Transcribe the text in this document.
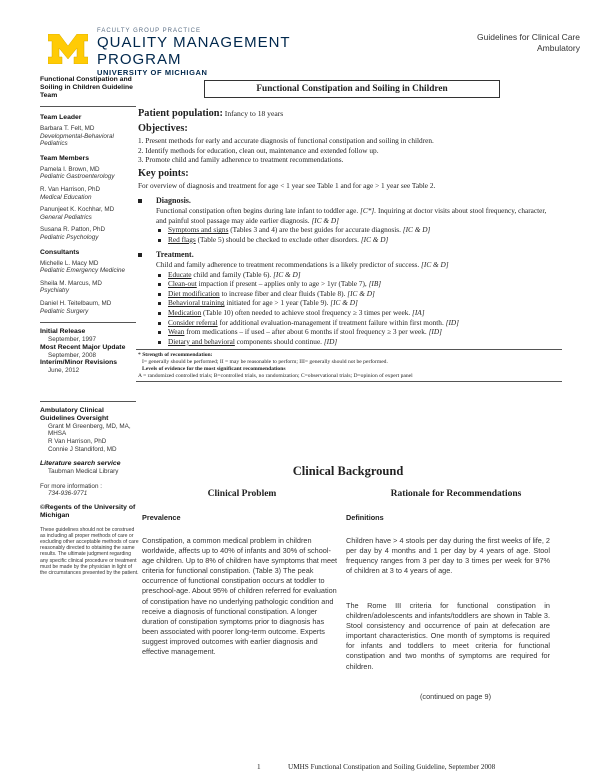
FACULTY GROUP PRACTICE
QUALITY MANAGEMENT PROGRAM
UNIVERSITY OF MICHIGAN
Guidelines for Clinical Care
Ambulatory
Functional Constipation and Soiling in Children Guideline Team
Team Leader
Barbara T. Felt, MD
Developmental-Behavioral Pediatrics
Team Members
Pamela I. Brown, MD
Pediatric Gastroenterology
R. Van Harrison, PhD
Medical Education
Panunjeet K. Kochhar, MD
General Pediatrics
Susana R. Patton, PhD
Pediatric Psychology
Consultants
Michelle L. Macy MD
Pediatric Emergency Medicine
Sheila M. Marcus, MD
Psychiatry
Daniel H. Teitelbaum, MD
Pediatric Surgery
Initial Release
September, 1997
Most Recent Major Update
September, 2008
Interim/Minor Revisions
June, 2012
Ambulatory Clinical Guidelines Oversight
Grant M Greenberg, MD, MA, MHSA
R Van Harrison, PhD
Connie J Standiford, MD
Literature search service
Taubman Medical Library
For more information :
734-936-9771
©Regents of the University of Michigan
These guidelines should not be construed as including all proper methods of care or excluding other acceptable methods of care reasonably directed to obtaining the same results. The ultimate judgment regarding any specific clinical procedure or treatment must be made by the physician in light of the circumstances presented by the patient.
Functional Constipation and Soiling in Children
Patient population: Infancy to 18 years
Objectives:
1. Present methods for early and accurate diagnosis of functional constipation and soiling in children.
2. Identify methods for education, clean out, maintenance and extended follow up.
3. Promote child and family adherence to treatment recommendations.
Key points:
For overview of diagnosis and treatment for age < 1 year see Table 1 and for age > 1 year see Table 2.
Diagnosis.
Functional constipation often begins during late infant to toddler age. [C*]. Inquiring at doctor visits about stool frequency, character, and painful stool passage may aide earlier diagnosis. [IC & D]
Symptoms and signs (Tables 3 and 4) are the best guides for accurate diagnosis. [IC & D]
Red flags (Table 5) should be checked to exclude other disorders. [IC & D]
Treatment.
Child and family adherence to treatment recommendations is a likely predictor of success. [IC & D]
Educate child and family (Table 6). [IC & D]
Clean-out impaction if present – applies only to age > 1yr (Table 7), [IB]
Diet modification to increase fiber and clear fluids (Table 8). [IC & D]
Behavioral training initiated for age > 1 year (Table 9). [IC & D]
Medication (Table 10) often needed to achieve stool frequency ≥ 3 times per week. [IA]
Consider referral for additional evaluation-management if treatment failure within first month. [ID]
Wean from medications – if used – after about 6 months if stool frequency ≥ 3 per week. [ID]
Dietary and behavioral components should continue. [ID]
* Strength of recommendation:
I= generally should be performed; II = may be reasonable to perform; III= generally should not be performed.
Levels of evidence for the most significant recommendations
A = randomized controlled trials; B=controlled trials, no randomization; C=observational trials; D=opinion of expert panel
Clinical Background
Clinical Problem	Rationale for Recommendations
Prevalence	Definitions
Constipation, a common medical problem in children worldwide, affects up to 40% of infants and 30% of school-age children. Up to 8% of children have symptoms that meet criteria for functional constipation. (Table 3) The peak occurrence of functional constipation occurs at toddler to preschool-age. About 95% of children referred for evaluation of constipation have no underlying pathologic condition and receive a diagnosis of functional constipation. A longer duration of constipation symptoms prior to diagnosis has been associated with poorer long-term outcome. Experts suggest improved outcomes with earlier diagnosis and effective management.
Children have > 4 stools per day during the first weeks of life, 2 per day by 4 months and 1 per day by 4 years of age. Stool frequency ranges from 3 per day to 3 times per week for 97% of children at 3 to 4 years of age.
The Rome III criteria for functional constipation in children/adolescents and infants/toddlers are shown in Table 3. Stool consistency and occurrence of pain at defecation are important characteristics. One month of symptoms is required for infants and toddlers to meet criteria for functional constipation and two months of symptoms are required for children.
(continued on page 9)
1	UMHS Functional Constipation and Soiling Guideline, September 2008
